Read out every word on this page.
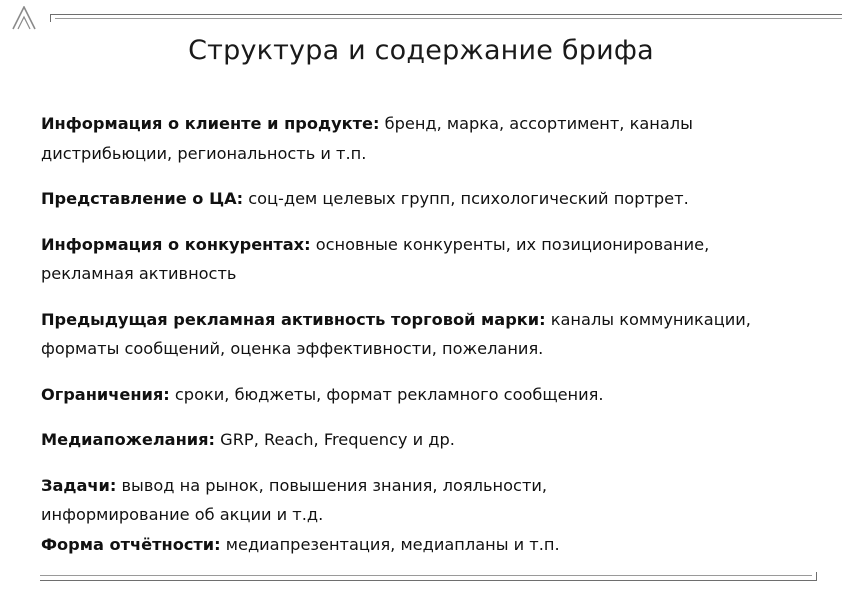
Структура и содержание брифа

Информация о клиенте и продукте: бренд, марка, ассортимент, каналы
дистрибьюции, региональность и т.п.

Представление о ЦА: соц-дем целевых групп, психологический портрет.

Информация о конкурентах: основные конкуренты, их позиционирование,
рекламная активность

Предыдущая рекламная активность торговой марки: каналы коммуникации,
форматы сообщений, оценка эффективности, пожелания.

Ограничения: сроки, бюджеты, формат рекламного сообщения.

Медиапожелания: GRP, Reach, Frequency и др.

Задачи: вывод на рынок, повышения знания, лояльности,
информирование об акции и т.д.

Форма отчётности: медиапрезентация, медиапланы и т.п.
